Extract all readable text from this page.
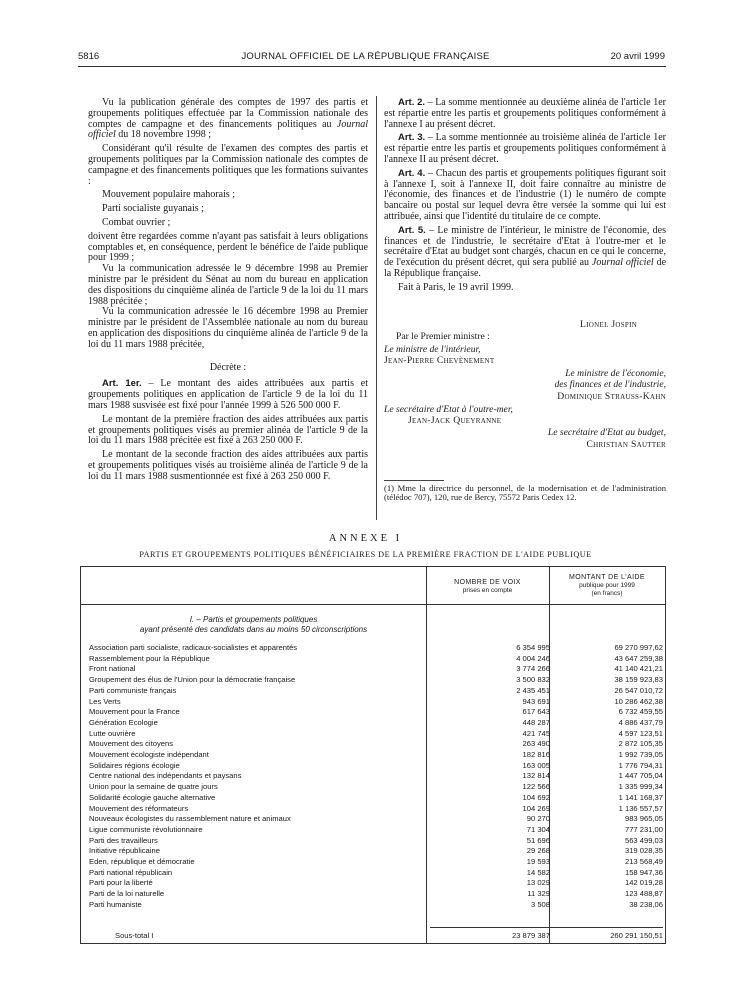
5816	JOURNAL OFFICIEL DE LA RÉPUBLIQUE FRANÇAISE	20 avril 1999

Vu la publication générale des comptes de 1997 des partis et groupements politiques effectuée par la Commission nationale des comptes de campagne et des financements politiques au Journal officiel du 18 novembre 1998 ;

Considérant qu'il résulte de l'examen des comptes des partis et groupements politiques par la Commission nationale des comptes de campagne et des financements politiques que les formations suivantes :

Mouvement populaire mahorais ;

Parti socialiste guyanais ;

Combat ouvrier ;

doivent être regardées comme n'ayant pas satisfait à leurs obligations comptables et, en conséquence, perdent le bénéfice de l'aide publique pour 1999 ;

Vu la communication adressée le 9 décembre 1998 au Premier ministre par le président du Sénat au nom du bureau en application des dispositions du cinquième alinéa de l'article 9 de la loi du 11 mars 1988 précitée ;

Vu la communication adressée le 16 décembre 1998 au Premier ministre par le président de l'Assemblée nationale au nom du bureau en application des dispositions du cinquième alinéa de l'article 9 de la loi du 11 mars 1988 précitée,

Décrète :

Art. 1er. – Le montant des aides attribuées aux partis et groupements politiques en application de l'article 9 de la loi du 11 mars 1988 susvisée est fixé pour l'année 1999 à 526 500 000 F.

Le montant de la première fraction des aides attribuées aux partis et groupements politiques visés au premier alinéa de l'article 9 de la loi du 11 mars 1988 précitée est fixé à 263 250 000 F.

Le montant de la seconde fraction des aides attribuées aux partis et groupements politiques visés au troisième alinéa de l'article 9 de la loi du 11 mars 1988 susmentionnée est fixé à 263 250 000 F.

Art. 2. – La somme mentionnée au deuxième alinéa de l'article 1er est répartie entre les partis et groupements politiques conformément à l'annexe I au présent décret.

Art. 3. – La somme mentionnée au troisième alinéa de l'article 1er est répartie entre les partis et groupements politiques conformément à l'annexe II au présent décret.

Art. 4. – Chacun des partis et groupements politiques figurant soit à l'annexe I, soit à l'annexe II, doit faire connaître au ministre de l'économie, des finances et de l'industrie (1) le numéro de compte bancaire ou postal sur lequel devra être versée la somme qui lui est attribuée, ainsi que l'identité du titulaire de ce compte.

Art. 5. – Le ministre de l'intérieur, le ministre de l'économie, des finances et de l'industrie, le secrétaire d'Etat à l'outre-mer et le secrétaire d'Etat au budget sont chargés, chacun en ce qui le concerne, de l'exécution du présent décret, qui sera publié au Journal officiel de la République française.

Fait à Paris, le 19 avril 1999.

Lionel Jospin
Par le Premier ministre :
Le ministre de l'intérieur,
Jean-Pierre Chevènement
Le ministre de l'économie,
des finances et de l'industrie,
Dominique Strauss-Kahn
Le secrétaire d'Etat à l'outre-mer,
Jean-Jack Queyranne
Le secrétaire d'Etat au budget,
Christian Sautter
(1) Mme la directrice du personnel, de la modernisation et de l'administration (télédoc 707), 120, rue de Bercy, 75572 Paris Cedex 12.
ANNEXE I
PARTIS ET GROUPEMENTS POLITIQUES BÉNÉFICIAIRES DE LA PREMIÈRE FRACTION DE L'AIDE PUBLIQUE
NOMBRE DE VOIX
prises en compte
MONTANT DE L'AIDE
publique pour 1999
(en francs)
I. – Partis et groupements politiques
ayant présenté des candidats dans au moins 50 circonscriptions
Association parti socialiste, radicaux-socialistes et apparentés	6 354 995	69 270 997,62
Rassemblement pour la République	4 004 246	43 647 259,38
Front national	3 774 266	41 140 421,21
Groupement des élus de l'Union pour la démocratie française	3 500 832	38 159 923,83
Parti communiste français	2 435 451	26 547 010,72
Les Verts	943 691	10 286 462,38
Mouvement pour la France	617 643	6 732 459,55
Génération Ecologie	448 287	4 886 437,79
Lutte ouvrière	421 745	4 597 123,51
Mouvement des citoyens	263 490	2 872 105,35
Mouvement écologiste indépendant	182 816	1 992 739,05
Solidaires régions écologie	163 005	1 776 794,31
Centre national des indépendants et paysans	132 814	1 447 705,04
Union pour la semaine de quatre jours	122 566	1 335 999,34
Solidarité écologie gauche alternative	104 692	1 141 168,37
Mouvement des réformateurs	104 269	1 136 557,57
Nouveaux écologistes du rassemblement nature et animaux	90 270	983 965,05
Ligue communiste révolutionnaire	71 304	777 231,00
Parti des travailleurs	51 696	563 499,03
Initiative républicaine	29 268	319 028,35
Eden, république et démocratie	19 593	213 568,49
Parti national républicain	14 582	158 947,36
Parti pour la liberté	13 029	142 019,28
Parti de la loi naturelle	11 329	123 488,87
Parti humaniste	3 508	38 238,06
Sous-total I	23 879 387	260 291 150,51
